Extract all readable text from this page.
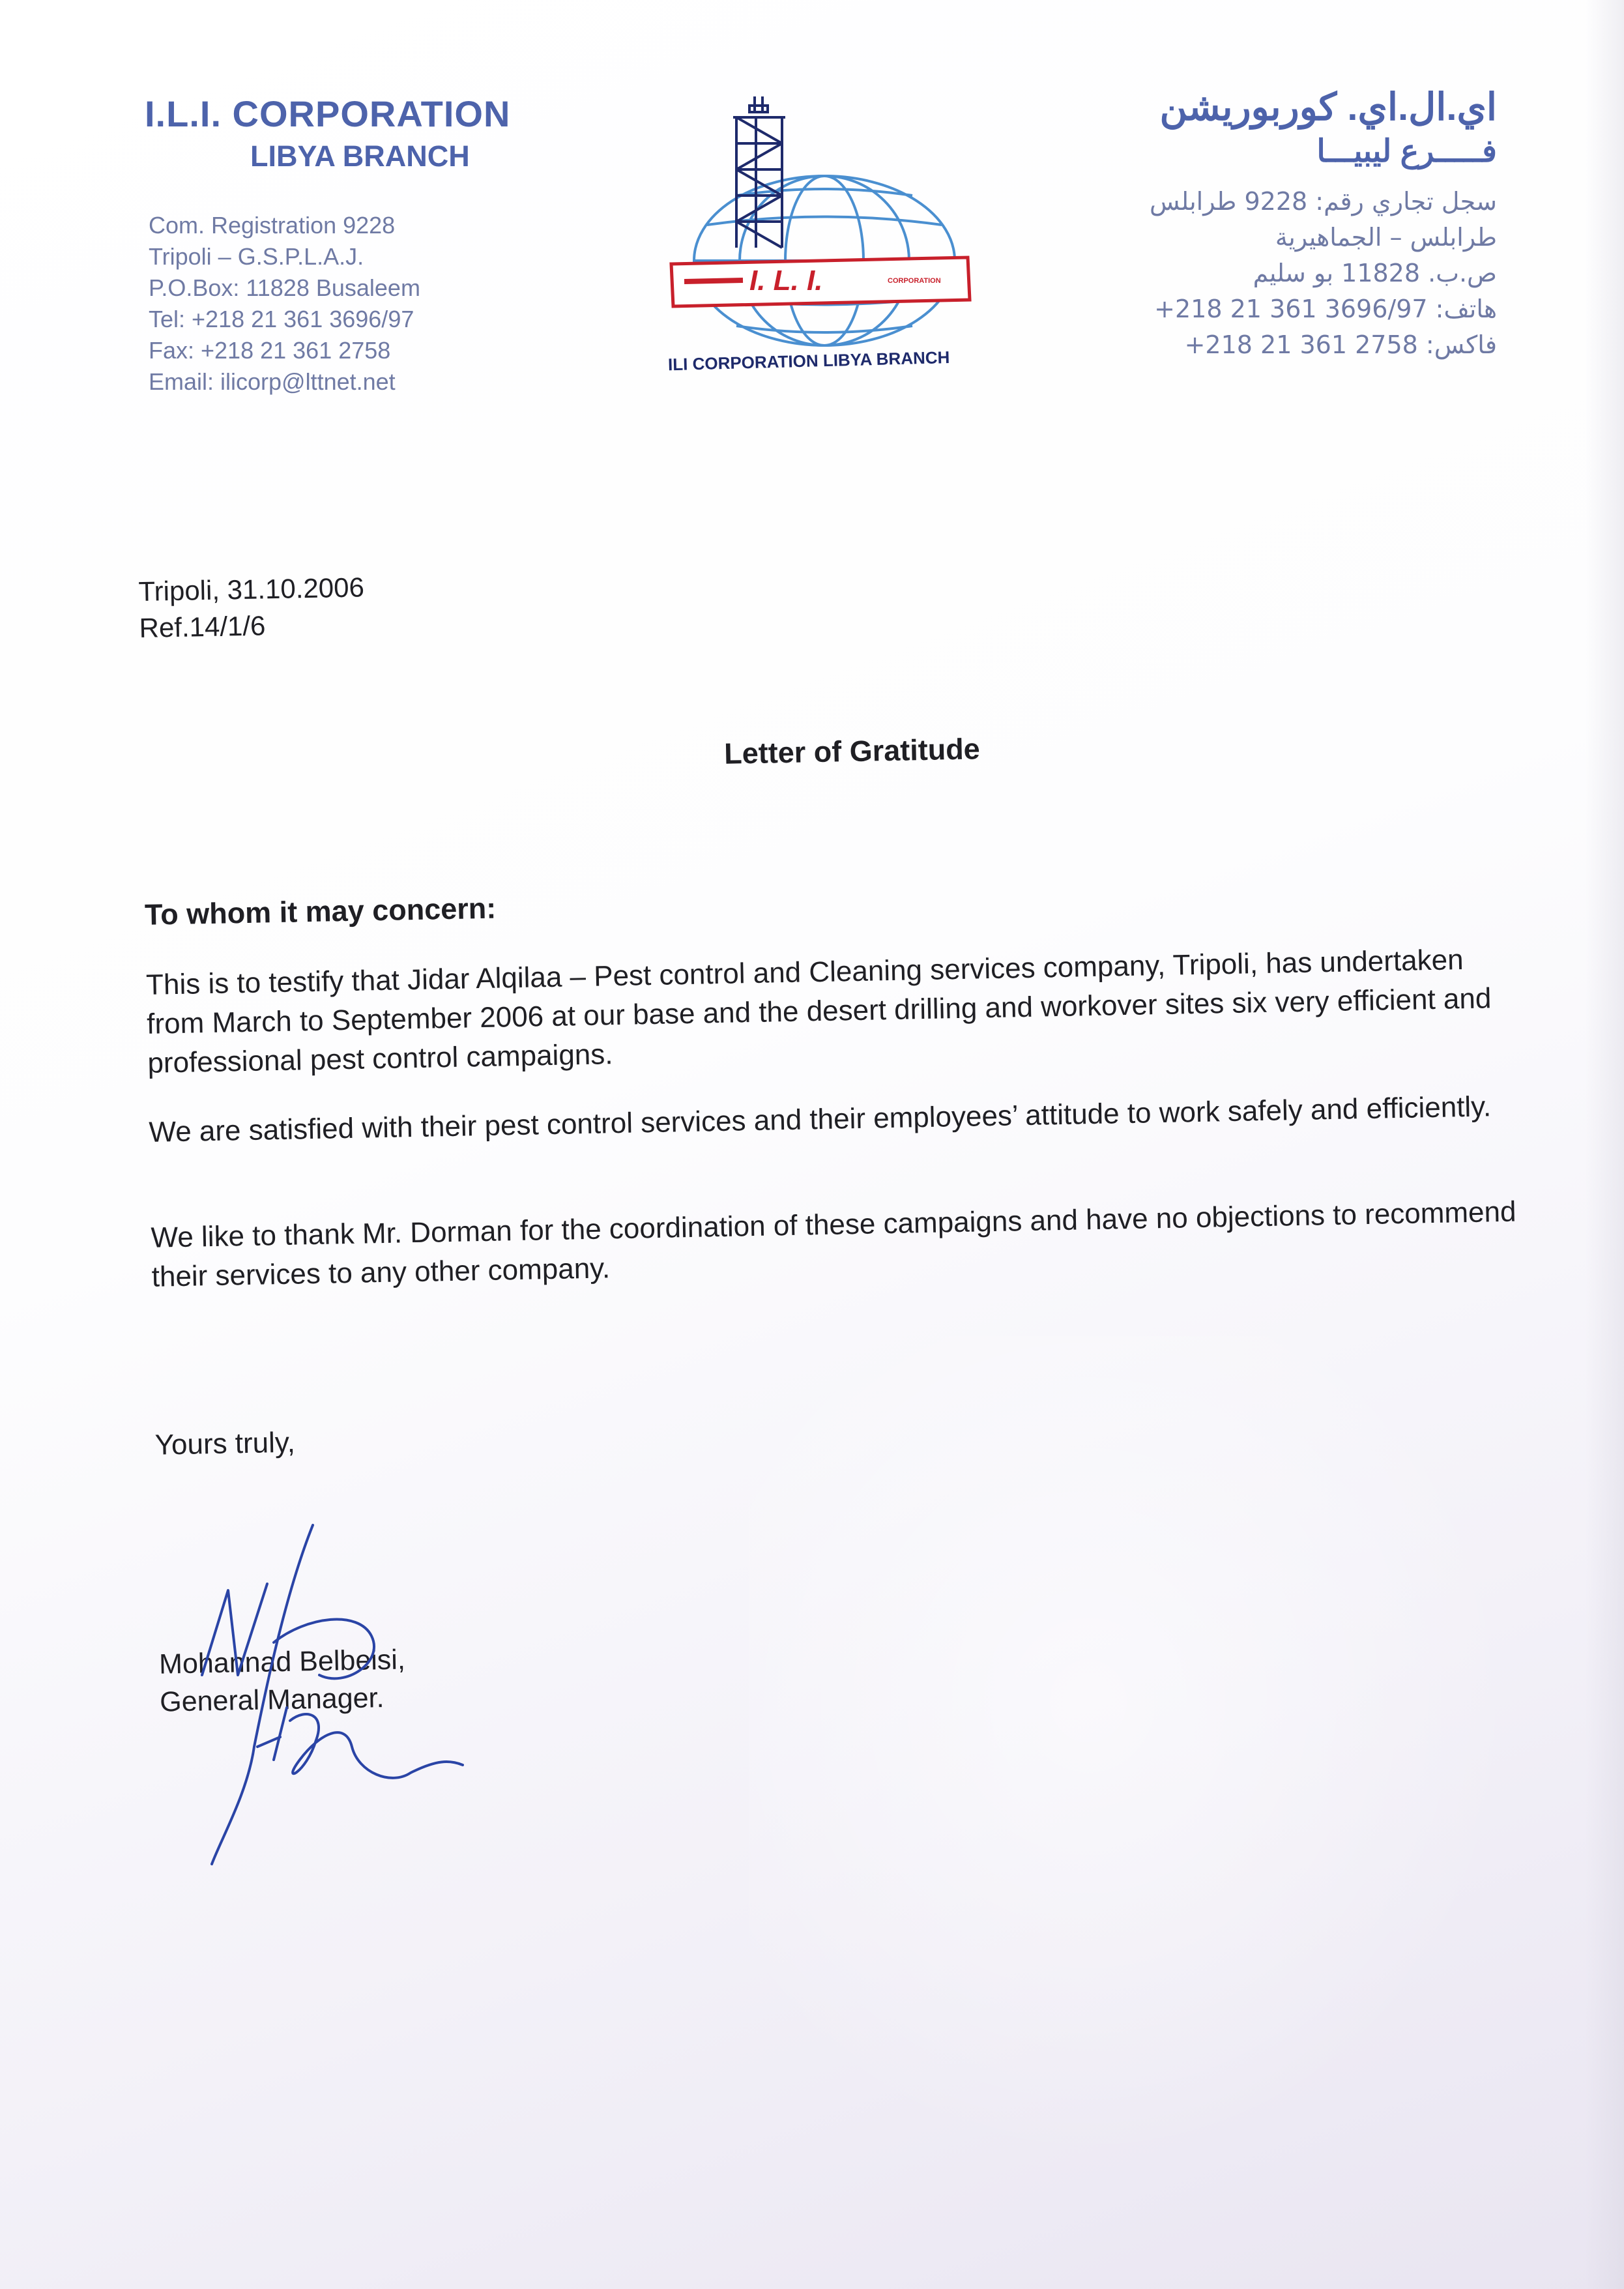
I.L.I. CORPORATION
LIBYA BRANCH
Com. Registration 9228
Tripoli – G.S.P.L.A.J.
P.O.Box: 11828 Busaleem
Tel: +218 21 361 3696/97
Fax: +218 21 361 2758
Email: ilicorp@lttnet.net
I. L. I.	CORPORATION
ILI CORPORATION LIBYA BRANCH
اي.ال.اي. كوربوريشن
فـــــرع ليبيـــا
سجل تجاري رقم: 9228 طرابلس
طرابلس – الجماهيرية
ص.ب. 11828 بو سليم
هاتف: 3696/97 361 21 218+
فاكس: 2758 361 21 218+
Tripoli, 31.10.2006
Ref.14/1/6
Letter of Gratitude
To whom it may concern:
This is to testify that Jidar Alqilaa – Pest control and Cleaning services company, Tripoli, has undertaken from March to September 2006 at our base and the desert drilling and workover sites six very efficient and professional pest control campaigns.
We are satisfied with their pest control services and their employees’ attitude to work safely and efficiently.
We like to thank Mr. Dorman for the coordination of these campaigns and have no objections to recommend their services to any other company.
Yours truly,
Mohannad Belbeisi,
General Manager.
